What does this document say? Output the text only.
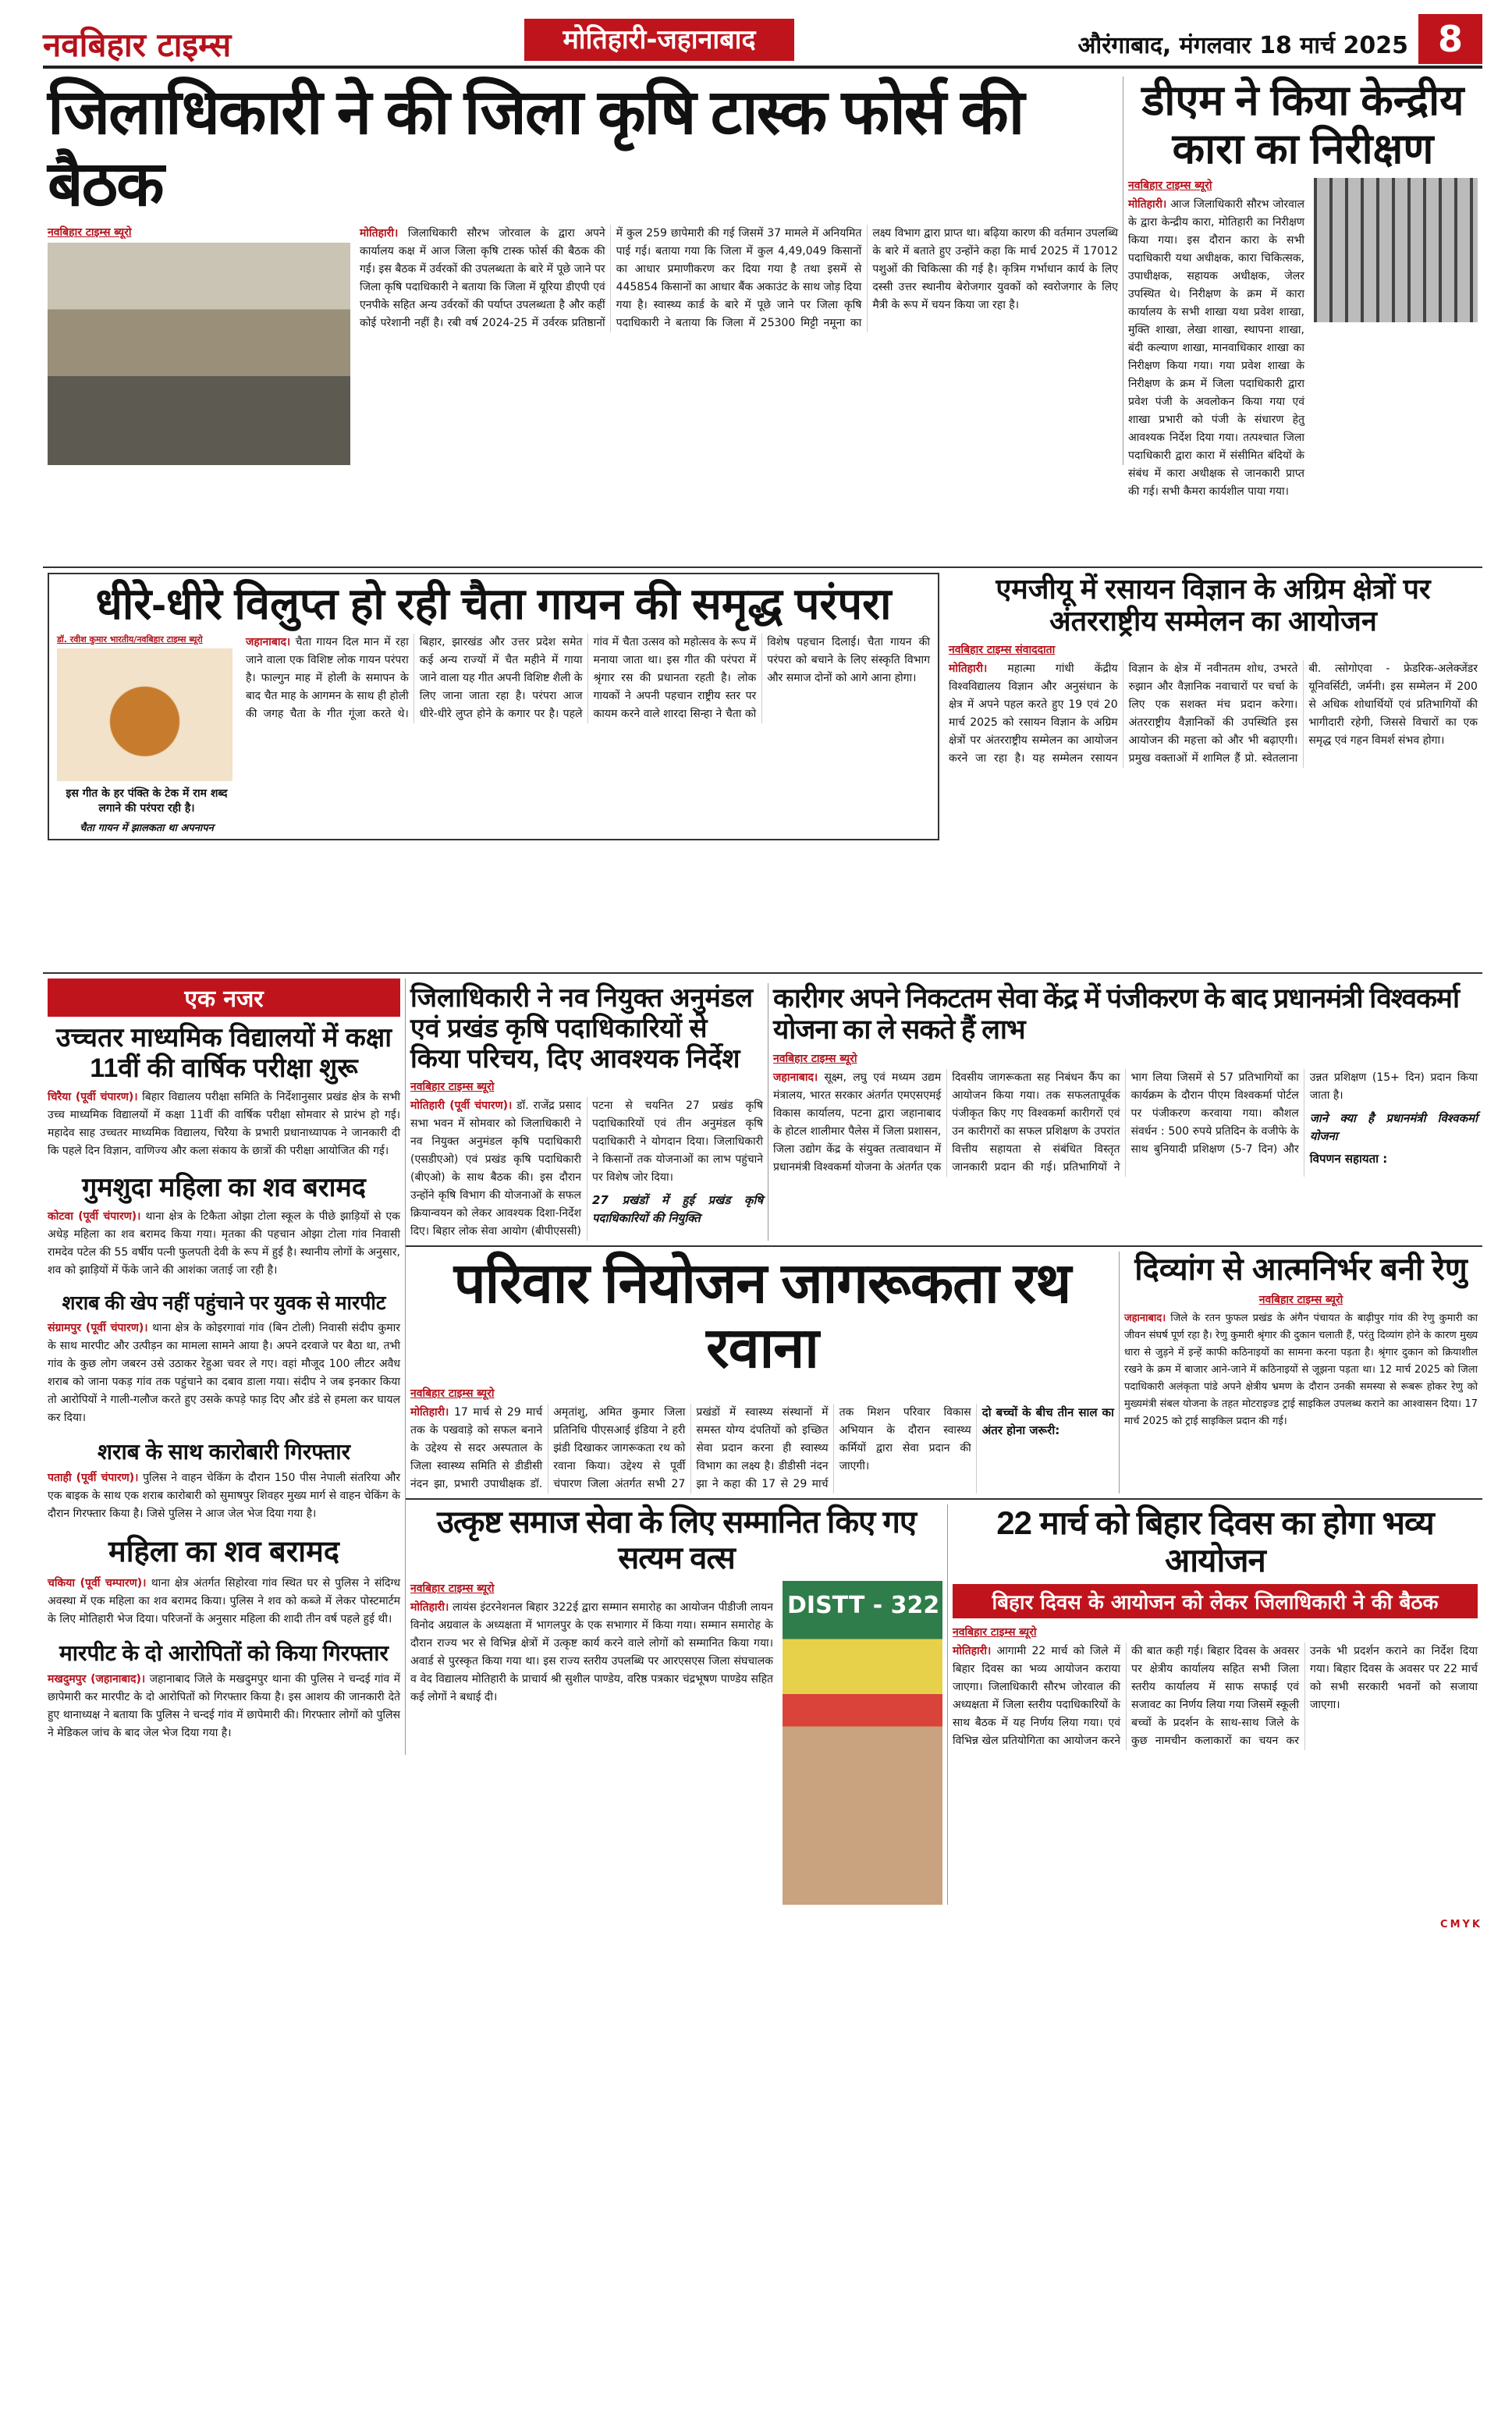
नवबिहार टाइम्स	मोतिहारी-जहानाबाद	औरंगाबाद, मंगलवार 18 मार्च 2025 8
जिलाधिकारी ने की जिला कृषि टास्क फोर्स की बैठक
नवबिहार टाइम्स ब्यूरो	मोतिहारी। जिलाधिकारी सौरभ जोरवाल के द्वारा अपने कार्यालय कक्ष में आज जिला कृषि टास्क फोर्स की बैठक की गई। इस बैठक में उर्वरकों की उपलब्धता के बारे में पूछे जाने पर जिला कृषि पदाधिकारी ने बताया कि जिला में यूरिया डीएपी एवं एनपीके सहित अन्य उर्वरकों की पर्याप्त उपलब्धता है और कहीं कोई परेशानी नहीं है। रबी वर्ष 2024-25 में उर्वरक प्रतिष्ठानों में कुल 259 छापेमारी की गई जिसमें 37 मामले में अनियमित पाई गई। बताया गया कि जिला में कुल 4,49,049 किसानों का आधार प्रमाणीकरण कर दिया गया है तथा इसमें से 445854 किसानों का आधार बैंक अकाउंट के साथ जोड़ दिया गया है। स्वास्थ्य कार्ड के बारे में पूछे जाने पर जिला कृषि पदाधिकारी ने बताया कि जिला में 25300 मिट्टी नमूना का लक्ष्य विभाग द्वारा प्राप्त था। बढ़िया कारण की वर्तमान उपलब्धि के बारे में बताते हुए उन्होंने कहा कि मार्च 2025 में 17012 पशुओं की चिकित्सा की गई है। कृत्रिम गर्भाधान कार्य के लिए दस्सी उत्तर स्थानीय बेरोजगार युवकों को स्वरोजगार के लिए मैत्री के रूप में चयन किया जा रहा है।
डीएम ने किया केन्द्रीय कारा का निरीक्षण
नवबिहार टाइम्स ब्यूरो
मोतिहारी। आज जिलाधिकारी सौरभ जोरवाल के द्वारा केन्द्रीय कारा, मोतिहारी का निरीक्षण किया गया। इस दौरान कारा के सभी पदाधिकारी यथा अधीक्षक, कारा चिकित्सक, उपाधीक्षक, सहायक अधीक्षक, जेलर उपस्थित थे। निरीक्षण के क्रम में कारा कार्यालय के सभी शाखा यथा प्रवेश शाखा, मुक्ति शाखा, लेखा शाखा, स्थापना शाखा, बंदी कल्याण शाखा, मानवाधिकार शाखा का निरीक्षण किया गया। गया प्रवेश शाखा के निरीक्षण के क्रम में जिला पदाधिकारी द्वारा प्रवेश पंजी के अवलोकन किया गया एवं शाखा प्रभारी को पंजी के संधारण हेतु आवश्यक निर्देश दिया गया। तत्पश्चात जिला पदाधिकारी द्वारा कारा में संसीमित बंदियों के संबंध में कारा अधीक्षक से जानकारी प्राप्त की गई। सभी कैमरा कार्यशील पाया गया।
धीरे-धीरे विलुप्त हो रही चैता गायन की समृद्ध परंपरा
डॉ. रवीश कुमार भारतीय/नवबिहार टाइम्स ब्यूरो
इस गीत के हर पंक्ति के टेक में राम शब्द लगाने की परंपरा रही है।
चैता गायन में झालकता था अपनापन
जहानाबाद। चैता गायन दिल मान में रहा जाने वाला एक विशिष्ट लोक गायन परंपरा है। फाल्गुन माह में होली के समापन के बाद चैत माह के आगमन के साथ ही होली की जगह चैता के गीत गूंजा करते थे। बिहार, झारखंड और उत्तर प्रदेश समेत कई अन्य राज्यों में चैत महीने में गाया जाने वाला यह गीत अपनी विशिष्ट शैली के लिए जाना जाता रहा है। परंपरा आज धीरे-धीरे लुप्त होने के कगार पर है। पहले गांव में चैता उत्सव को महोत्सव के रूप में मनाया जाता था। इस गीत की परंपरा में श्रृंगार रस की प्रधानता रहती है। लोक गायकों ने अपनी पहचान राष्ट्रीय स्तर पर कायम करने वाले शारदा सिन्हा ने चैता को विशेष पहचान दिलाई। चैता गायन की परंपरा को बचाने के लिए संस्कृति विभाग और समाज दोनों को आगे आना होगा।
एमजीयू में रसायन विज्ञान के अग्रिम क्षेत्रों पर अंतरराष्ट्रीय सम्मेलन का आयोजन
नवबिहार टाइम्स संवाददाता
मोतिहारी। महात्मा गांधी केंद्रीय विश्वविद्यालय विज्ञान और अनुसंधान के क्षेत्र में अपने पहल करते हुए 19 एवं 20 मार्च 2025 को रसायन विज्ञान के अग्रिम क्षेत्रों पर अंतरराष्ट्रीय सम्मेलन का आयोजन करने जा रहा है। यह सम्मेलन रसायन विज्ञान के क्षेत्र में नवीनतम शोध, उभरते रुझान और वैज्ञानिक नवाचारों पर चर्चा के लिए एक सशक्त मंच प्रदान करेगा। अंतरराष्ट्रीय वैज्ञानिकों की उपस्थिति इस आयोजन की महत्ता को और भी बढ़ाएगी। प्रमुख वक्ताओं में शामिल हैं प्रो. स्वेतलाना बी. त्सोगोएवा - फ्रेडरिक-अलेक्जेंडर यूनिवर्सिटी, जर्मनी। इस सम्मेलन में 200 से अधिक शोधार्थियों एवं प्रतिभागियों की भागीदारी रहेगी, जिससे विचारों का एक समृद्ध एवं गहन विमर्श संभव होगा।
एक नजर
उच्चतर माध्यमिक विद्यालयों में कक्षा 11वीं की वार्षिक परीक्षा शुरू
चिरैया (पूर्वी चंपारण)। बिहार विद्यालय परीक्षा समिति के निर्देशानुसार प्रखंड क्षेत्र के सभी उच्च माध्यमिक विद्यालयों में कक्षा 11वीं की वार्षिक परीक्षा सोमवार से प्रारंभ हो गई। महादेव साह उच्चतर माध्यमिक विद्यालय, चिरैया के प्रभारी प्रधानाध्यापक ने जानकारी दी कि पहले दिन विज्ञान, वाणिज्य और कला संकाय के छात्रों की परीक्षा आयोजित की गई।
गुमशुदा महिला का शव बरामद
कोटवा (पूर्वी चंपारण)। थाना क्षेत्र के टिकैता ओझा टोला स्कूल के पीछे झाड़ियों से एक अधेड़ महिला का शव बरामद किया गया। मृतका की पहचान ओझा टोला गांव निवासी रामदेव पटेल की 55 वर्षीय पत्नी फुलपती देवी के रूप में हुई है। स्थानीय लोगों के अनुसार, शव को झाड़ियों में फेंके जाने की आशंका जताई जा रही है।
शराब की खेप नहीं पहुंचाने पर युवक से मारपीट
संग्रामपुर (पूर्वी चंपारण)। थाना क्षेत्र के कोइरगावां गांव (बिन टोली) निवासी संदीप कुमार के साथ मारपीट और उत्पीड़न का मामला सामने आया है। अपने दरवाजे पर बैठा था, तभी गांव के कुछ लोग जबरन उसे उठाकर रेहुआ चवर ले गए। वहां मौजूद 100 लीटर अवैध शराब को जाना पकड़ गांव तक पहुंचाने का दबाव डाला गया। संदीप ने जब इनकार किया तो आरोपियों ने गाली-गलौज करते हुए उसके कपड़े फाड़ दिए और डंडे से हमला कर घायल कर दिया।
शराब के साथ कारोबारी गिरफ्तार
पताही (पूर्वी चंपारण)। पुलिस ने वाहन चेकिंग के दौरान 150 पीस नेपाली संतरिया और एक बाइक के साथ एक शराब कारोबारी को सुमाषपुर शिवहर मुख्य मार्ग से वाहन चेकिंग के दौरान गिरफ्तार किया है। जिसे पुलिस ने आज जेल भेज दिया गया है।
महिला का शव बरामद
चकिया (पूर्वी चम्पारण)। थाना क्षेत्र अंतर्गत सिहोरवा गांव स्थित घर से पुलिस ने संदिग्ध अवस्था में एक महिला का शव बरामद किया। पुलिस ने शव को कब्जे में लेकर पोस्टमार्टम के लिए मोतिहारी भेज दिया। परिजनों के अनुसार महिला की शादी तीन वर्ष पहले हुई थी।
मारपीट के दो आरोपितों को किया गिरफ्तार
मखदुमपुर (जहानाबाद)। जहानाबाद जिले के मखदुमपुर थाना की पुलिस ने चन्दई गांव में छापेमारी कर मारपीट के दो आरोपितों को गिरफ्तार किया है। इस आशय की जानकारी देते हुए थानाध्यक्ष ने बताया कि पुलिस ने चन्दई गांव में छापेमारी की। गिरफ्तार लोगों को पुलिस ने मेडिकल जांच के बाद जेल भेज दिया गया है।
जिलाधिकारी ने नव नियुक्त अनुमंडल एवं प्रखंड कृषि पदाधिकारियों से किया परिचय, दिए आवश्यक निर्देश
नवबिहार टाइम्स ब्यूरो
मोतिहारी (पूर्वी चंपारण)। डॉ. राजेंद्र प्रसाद सभा भवन में सोमवार को जिलाधिकारी ने नव नियुक्त अनुमंडल कृषि पदाधिकारी (एसडीएओ) एवं प्रखंड कृषि पदाधिकारी (बीएओ) के साथ बैठक की। इस दौरान उन्होंने कृषि विभाग की योजनाओं के सफल क्रियान्वयन को लेकर आवश्यक दिशा-निर्देश दिए। बिहार लोक सेवा आयोग (बीपीएससी) पटना से चयनित 27 प्रखंड कृषि पदाधिकारियों एवं तीन अनुमंडल कृषि पदाधिकारी ने योगदान दिया। जिलाधिकारी ने किसानों तक योजनाओं का लाभ पहुंचाने पर विशेष जोर दिया।
27 प्रखंडों में हुई प्रखंड कृषि पदाधिकारियों की नियुक्ति
कारीगर अपने निकटतम सेवा केंद्र में पंजीकरण के बाद प्रधानमंत्री विश्वकर्मा योजना का ले सकते हैं लाभ
नवबिहार टाइम्स ब्यूरो
जहानाबाद। सूक्ष्म, लघु एवं मध्यम उद्यम मंत्रालय, भारत सरकार अंतर्गत एमएसएमई विकास कार्यालय, पटना द्वारा जहानाबाद के होटल शालीमार पैलेस में जिला प्रशासन, जिला उद्योग केंद्र के संयुक्त तत्वावधान में प्रधानमंत्री विश्वकर्मा योजना के अंतर्गत एक दिवसीय जागरूकता सह निबंधन कैंप का आयोजन किया गया। तक सफलतापूर्वक पंजीकृत किए गए विश्वकर्मा कारीगरों एवं उन कारीगरों का सफल प्रशिक्षण के उपरांत वित्तीय सहायता से संबंधित विस्तृत जानकारी प्रदान की गई। प्रतिभागियों ने भाग लिया जिसमें से 57 प्रतिभागियों का कार्यक्रम के दौरान पीएम विश्वकर्मा पोर्टल पर पंजीकरण करवाया गया। कौशल संवर्धन : 500 रुपये प्रतिदिन के वजीफे के साथ बुनियादी प्रशिक्षण (5-7 दिन) और उन्नत प्रशिक्षण (15+ दिन) प्रदान किया जाता है।
जाने क्या है प्रधानमंत्री विश्वकर्मा योजना
विपणन सहायता :
परिवार नियोजन जागरूकता रथ रवाना
नवबिहार टाइम्स ब्यूरो
मोतिहारी। 17 मार्च से 29 मार्च तक के पखवाड़े को सफल बनाने के उद्देश्य से सदर अस्पताल के जिला स्वास्थ्य समिति से डीडीसी नंदन झा, प्रभारी उपाधीक्षक डॉ. अमृतांशु, अमित कुमार जिला प्रतिनिधि पीएसआई इंडिया ने हरी झंडी दिखाकर जागरूकता रथ को रवाना किया। उद्देश्य से पूर्वी चंपारण जिला अंतर्गत सभी 27 प्रखंडों में स्वास्थ्य संस्थानों में समस्त योग्य दंपतियों को इच्छित सेवा प्रदान करना ही स्वास्थ्य विभाग का लक्ष्य है। डीडीसी नंदन झा ने कहा की 17 से 29 मार्च तक मिशन परिवार विकास अभियान के दौरान स्वास्थ्य कर्मियों द्वारा सेवा प्रदान की जाएगी।
दो बच्चों के बीच तीन साल का अंतर होना जरूरी:
दिव्यांग से आत्मनिर्भर बनी रेणु
नवबिहार टाइम्स ब्यूरो
जहानाबाद। जिले के रतन फुफल प्रखंड के अंगैन पंचायत के बाढ़ीपुर गांव की रेणु कुमारी का जीवन संघर्ष पूर्ण रहा है। रेणु कुमारी श्रृंगार की दुकान चलाती हैं, परंतु दिव्यांग होने के कारण मुख्य धारा से जुड़ने में इन्हें काफी कठिनाइयों का सामना करना पड़ता है। श्रृंगार दुकान को क्रियाशील रखने के क्रम में बाजार आने-जाने में कठिनाइयों से जूझना पड़ता था। 12 मार्च 2025 को जिला पदाधिकारी अलंकृता पांडे अपने क्षेत्रीय भ्रमण के दौरान उनकी समस्या से रूबरू होकर रेणु को मुख्यमंत्री संबल योजना के तहत मोटराइज्ड ट्राई साइकिल उपलब्ध कराने का आश्वासन दिया। 17 मार्च 2025 को ट्राई साइकिल प्रदान की गई।
उत्कृष्ट समाज सेवा के लिए सम्मानित किए गए सत्यम वत्स
नवबिहार टाइम्स ब्यूरो
मोतिहारी। लायंस इंटरनेशनल बिहार 322ई द्वारा सम्मान समारोह का आयोजन पीडीजी लायन विनोद अग्रवाल के अध्यक्षता में भागलपुर के एक सभागार में किया गया। सम्मान समारोह के दौरान राज्य भर से विभिन्न क्षेत्रों में उत्कृष्ट कार्य करने वाले लोगों को सम्मानित किया गया। अवार्ड से पुरस्कृत किया गया था। इस राज्य स्तरीय उपलब्धि पर आरएसएस जिला संघचालक व वेद विद्यालय मोतिहारी के प्राचार्य श्री सुशील पाण्डेय, वरिष्ठ पत्रकार चंद्रभूषण पाण्डेय सहित कई लोगों ने बधाई दी।
DISTT - 322
22 मार्च को बिहार दिवस का होगा भव्य आयोजन
बिहार दिवस के आयोजन को लेकर जिलाधिकारी ने की बैठक
नवबिहार टाइम्स ब्यूरो
मोतिहारी। आगामी 22 मार्च को जिले में बिहार दिवस का भव्य आयोजन कराया जाएगा। जिलाधिकारी सौरभ जोरवाल की अध्यक्षता में जिला स्तरीय पदाधिकारियों के साथ बैठक में यह निर्णय लिया गया। एवं विभिन्न खेल प्रतियोगिता का आयोजन करने की बात कही गई। बिहार दिवस के अवसर पर क्षेत्रीय कार्यालय सहित सभी जिला स्तरीय कार्यालय में साफ सफाई एवं सजावट का निर्णय लिया गया जिसमें स्कूली बच्चों के प्रदर्शन के साथ-साथ जिले के कुछ नामचीन कलाकारों का चयन कर उनके भी प्रदर्शन कराने का निर्देश दिया गया। बिहार दिवस के अवसर पर 22 मार्च को सभी सरकारी भवनों को सजाया जाएगा।
CMYK
